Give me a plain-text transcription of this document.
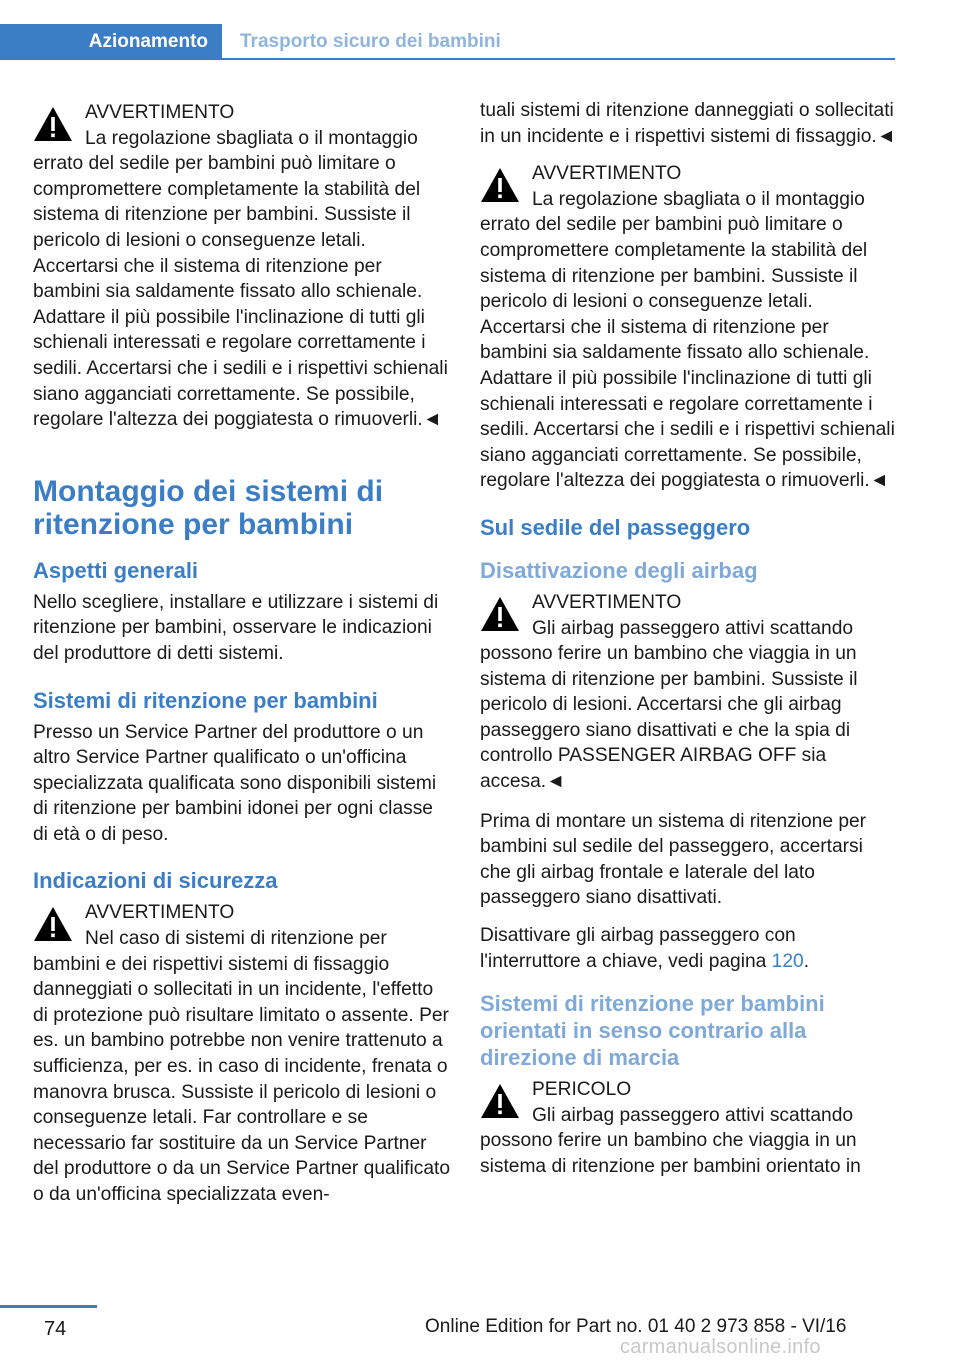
Azionamento	Trasporto sicuro dei bambini
AVVERTIMENTO
La regolazione sbagliata o il montaggio errato del sedile per bambini può limitare o compromettere completamente la stabilità del sistema di ritenzione per bambini. Sussiste il pericolo di lesioni o conseguenze letali. Accertarsi che il sistema di ritenzione per bambini sia saldamente fissato allo schienale. Adattare il più possibile l'inclinazione di tutti gli schienali interessati e regolare correttamente i sedili. Accertarsi che i sedili e i rispettivi schienali siano agganciati correttamente. Se possibile, regolare l'altezza dei poggiatesta o rimuoverli.◄
Montaggio dei sistemi di ritenzione per bambini
Aspetti generali

Nello scegliere, installare e utilizzare i sistemi di ritenzione per bambini, osservare le indicazioni del produttore di detti sistemi.

Sistemi di ritenzione per bambini

Presso un Service Partner del produttore o un altro Service Partner qualificato o un'officina specializzata qualificata sono disponibili sistemi di ritenzione per bambini idonei per ogni classe di età o di peso.

Indicazioni di sicurezza
AVVERTIMENTO
Nel caso di sistemi di ritenzione per bambini e dei rispettivi sistemi di fissaggio danneggiati o sollecitati in un incidente, l'effetto di protezione può risultare limitato o assente. Per es. un bambino potrebbe non venire trattenuto a sufficienza, per es. in caso di incidente, frenata o manovra brusca. Sussiste il pericolo di lesioni o conseguenze letali. Far controllare e se necessario far sostituire da un Service Partner del produttore o da un Service Partner qualificato o da un'officina specializzata even-

tuali sistemi di ritenzione danneggiati o sollecitati in un incidente e i rispettivi sistemi di fissaggio.◄

AVVERTIMENTO
La regolazione sbagliata o il montaggio errato del sedile per bambini può limitare o compromettere completamente la stabilità del sistema di ritenzione per bambini. Sussiste il pericolo di lesioni o conseguenze letali. Accertarsi che il sistema di ritenzione per bambini sia saldamente fissato allo schienale. Adattare il più possibile l'inclinazione di tutti gli schienali interessati e regolare correttamente i sedili. Accertarsi che i sedili e i rispettivi schienali siano agganciati correttamente. Se possibile, regolare l'altezza dei poggiatesta o rimuoverli.◄
Sul sedile del passeggero
Disattivazione degli airbag
AVVERTIMENTO
Gli airbag passeggero attivi scattando possono ferire un bambino che viaggia in un sistema di ritenzione per bambini. Sussiste il pericolo di lesioni. Accertarsi che gli airbag passeggero siano disattivati e che la spia di controllo PASSENGER AIRBAG OFF sia accesa.◄

Prima di montare un sistema di ritenzione per bambini sul sedile del passeggero, accertarsi che gli airbag frontale e laterale del lato passeggero siano disattivati.

Disattivare gli airbag passeggero con l'interruttore a chiave, vedi pagina 120.

Sistemi di ritenzione per bambini orientati in senso contrario alla direzione di marcia
PERICOLO
Gli airbag passeggero attivi scattando possono ferire un bambino che viaggia in un sistema di ritenzione per bambini orientato in
74	Online Edition for Part no. 01 40 2 973 858 - VI/16
carmanualsonline.info
